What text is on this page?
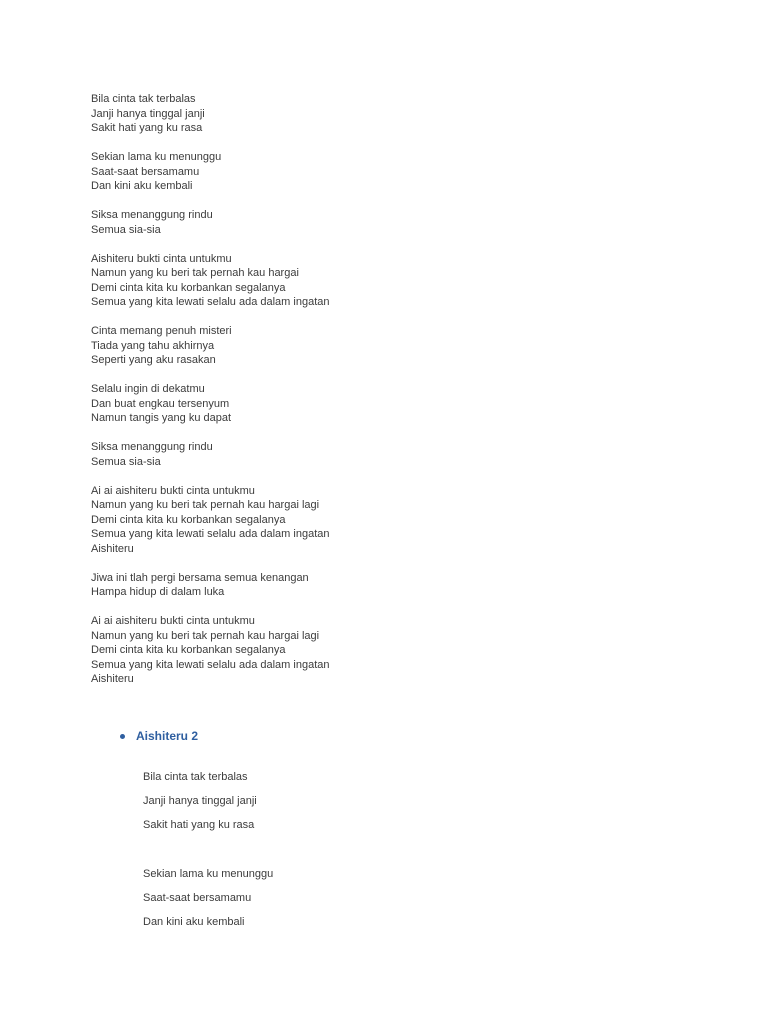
Bila cinta tak terbalas
Janji hanya tinggal janji
Sakit hati yang ku rasa
Sekian lama ku menunggu
Saat-saat bersamamu
Dan kini aku kembali
Siksa menanggung rindu
Semua sia-sia
Aishiteru bukti cinta untukmu
Namun yang ku beri tak pernah kau hargai
Demi cinta kita ku korbankan segalanya
Semua yang kita lewati selalu ada dalam ingatan
Cinta memang penuh misteri
Tiada yang tahu akhirnya
Seperti yang aku rasakan
Selalu ingin di dekatmu
Dan buat engkau tersenyum
Namun tangis yang ku dapat
Siksa menanggung rindu
Semua sia-sia
Ai ai aishiteru bukti cinta untukmu
Namun yang ku beri tak pernah kau hargai lagi
Demi cinta kita ku korbankan segalanya
Semua yang kita lewati selalu ada dalam ingatan
Aishiteru
Jiwa ini tlah pergi bersama semua kenangan
Hampa hidup di dalam luka
Ai ai aishiteru bukti cinta untukmu
Namun yang ku beri tak pernah kau hargai lagi
Demi cinta kita ku korbankan segalanya
Semua yang kita lewati selalu ada dalam ingatan
Aishiteru
Aishiteru 2
Bila cinta tak terbalas
Janji hanya tinggal janji
Sakit hati yang ku rasa
Sekian lama ku menunggu
Saat-saat bersamamu
Dan kini aku kembali
